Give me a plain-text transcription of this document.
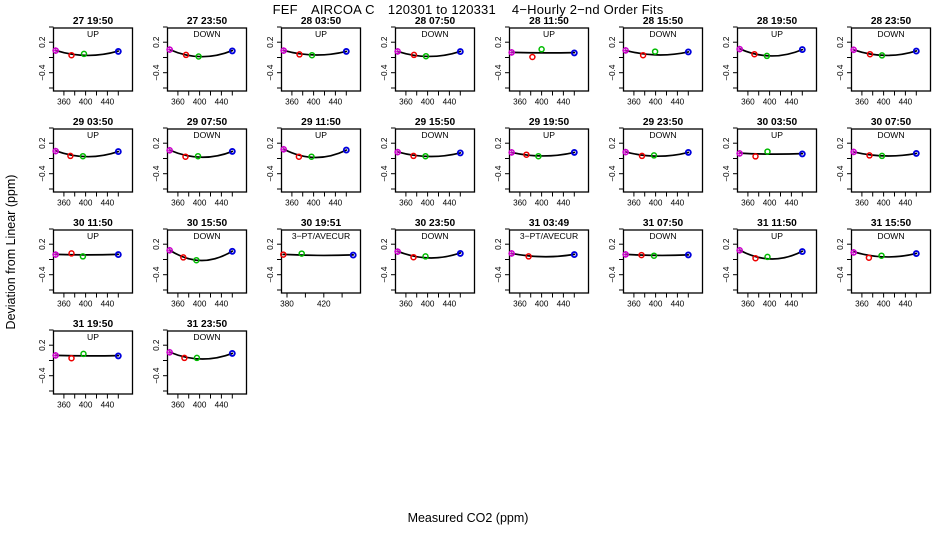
FEF AIRCOA C 120301 to 120331  4−Hourly 2−nd Order Fits
Deviation from Linear (ppm)
27 19:50
UP
0.2
−0.4
360 400 440
27 23:50
DOWN
0.2
−0.4
360 400 440
28 03:50
UP
0.2
−0.4
360 400 440
28 07:50
DOWN
0.2
−0.4
360 400 440
28 11:50
UP
0.2
−0.4
360 400 440
28 15:50
DOWN
0.2
−0.4
360 400 440
28 19:50
UP
0.2
−0.4
360 400 440
28 23:50
DOWN
0.2
−0.4
360 400 440
29 03:50
UP
0.2
−0.4
360 400 440
29 07:50
DOWN
0.2
−0.4
360 400 440
29 11:50
UP
0.2
−0.4
360 400 440
29 15:50
DOWN
0.2
−0.4
360 400 440
29 19:50
UP
0.2
−0.4
360 400 440
29 23:50
DOWN
0.2
−0.4
360 400 440
30 03:50
UP
0.2
−0.4
360 400 440
30 07:50
DOWN
0.2
−0.4
360 400 440
30 11:50
UP
0.2
−0.4
360 400 440
30 15:50
DOWN
0.2
−0.4
360 400 440
30 19:51
3−PT/AVECUR
0.2
−0.4
380	420
30 23:50
DOWN
0.2
−0.4
360 400 440
31 03:49
3−PT/AVECUR
0.2
−0.4
360 400 440
31 07:50
DOWN
0.2
−0.4
360 400 440
31 11:50
UP
0.2
−0.4
360 400 440
31 15:50
DOWN
0.2
−0.4
360 400 440
31 19:50
UP
0.2
−0.4
360 400 440
31 23:50
DOWN
0.2
−0.4
360 400 440
Measured CO2 (ppm)
